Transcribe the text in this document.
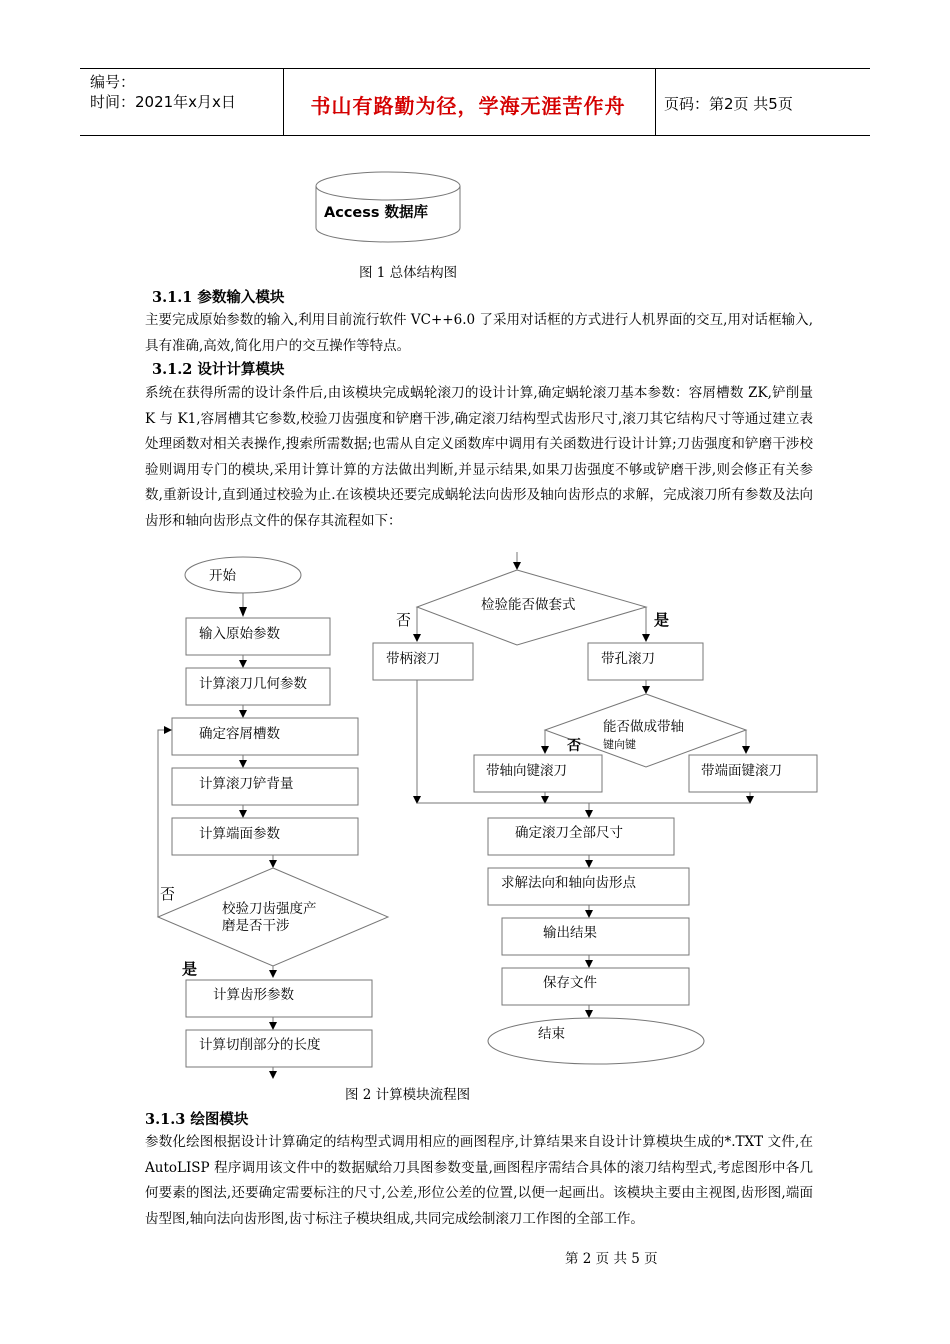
编号：
时间：2021年x月x日	书山有路勤为径，学海无涯苦作舟	页码：第2页 共5页
Access 数据库
图 1 总体结构图
3.1.1 参数输入模块
主要完成原始参数的输入,利用目前流行软件 VC++6.0 了采用对话框的方式进行人机界面的交互,用对话框输入,具有准确,高效,简化用户的交互操作等特点。
3.1.2 设计计算模块
系统在获得所需的设计条件后,由该模块完成蜗轮滚刀的设计计算,确定蜗轮滚刀基本参数：容屑槽数 ZK,铲削量 K 与 K1,容屑槽其它参数,校验刀齿强度和铲磨干涉,确定滚刀结构型式齿形尺寸,滚刀其它结构尺寸等通过建立表处理函数对相关表操作,搜索所需数据;也需从自定义函数库中调用有关函数进行设计计算;刀齿强度和铲磨干涉校验则调用专门的模块,采用计算计算的方法做出判断,并显示结果,如果刀齿强度不够或铲磨干涉,则会修正有关参数,重新设计,直到通过校验为止.在该模块还要完成蜗轮法向齿形及轴向齿形点的求解，完成滚刀所有参数及法向齿形和轴向齿形点文件的保存其流程如下：
开始
输入原始参数
计算滚刀几何参数
确定容屑槽数
计算滚刀铲背量
计算端面参数
校验刀齿强度产
磨是否干涉
否
是
计算齿形参数
计算切削部分的长度
检验能否做套式
否	是
带柄滚刀	带孔滚刀
能否做成带轴
键向键
否
带轴向键滚刀	带端面键滚刀
确定滚刀全部尺寸
求解法向和轴向齿形点
输出结果
保存文件
结束
图 2 计算模块流程图
3.1.3 绘图模块
参数化绘图根据设计计算确定的结构型式调用相应的画图程序,计算结果来自设计计算模块生成的*.TXT 文件,在 AutoLISP 程序调用该文件中的数据赋给刀具图参数变量,画图程序需结合具体的滚刀结构型式,考虑图形中各几何要素的图法,还要确定需要标注的尺寸,公差,形位公差的位置,以便一起画出。该模块主要由主视图,齿形图,端面齿型图,轴向法向齿形图,齿寸标注子模块组成,共同完成绘制滚刀工作图的全部工作。
第 2 页 共 5 页
